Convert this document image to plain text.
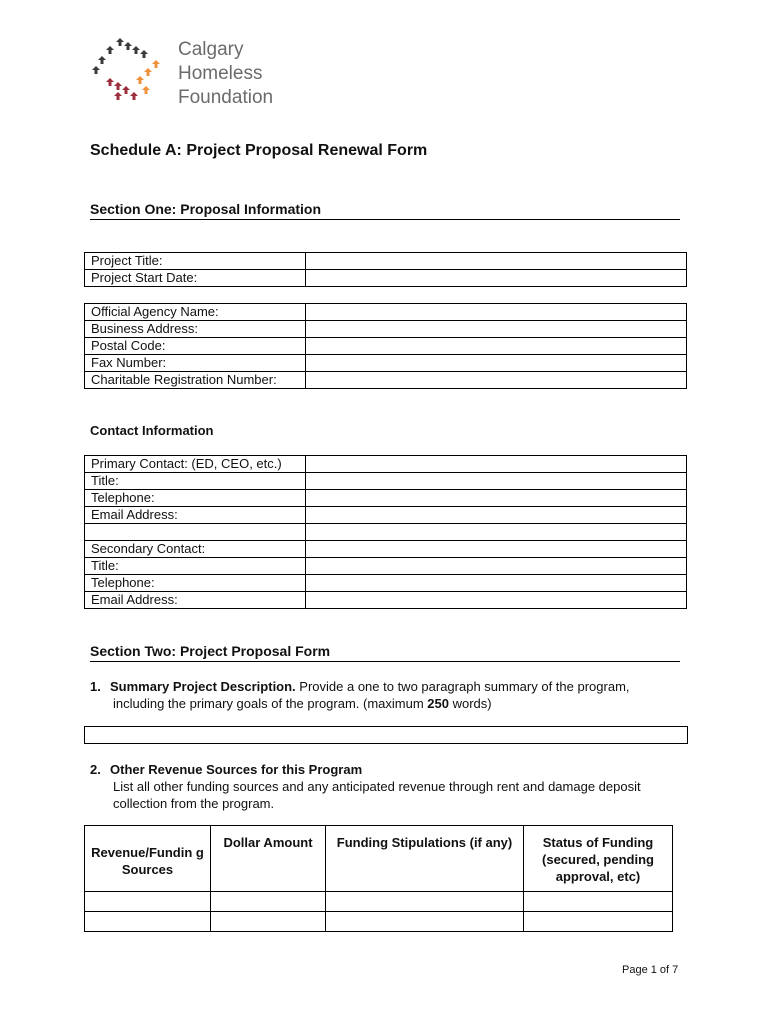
Calgary
Homeless
Foundation
Schedule A: Project Proposal Renewal Form
Section One: Proposal Information
Project Title:	
Project Start Date:	
Official Agency Name:	
Business Address:	
Postal Code:	
Fax Number:	
Charitable Registration Number:	
Contact Information
Primary Contact: (ED, CEO, etc.)	
Title:	
Telephone:	
Email Address:	

Secondary Contact:	
Title:	
Telephone:	
Email Address:	
Section Two: Project Proposal Form
1. Summary Project Description. Provide a one to two paragraph summary of the program,
including the primary goals of the program. (maximum 250 words)
2. Other Revenue Sources for this Program
List all other funding sources and any anticipated revenue through rent and damage deposit
collection from the program.
Revenue/Fundin g Sources	Dollar Amount	Funding Stipulations (if any)	Status of Funding (secured, pending approval, etc)

Page 1 of 7
